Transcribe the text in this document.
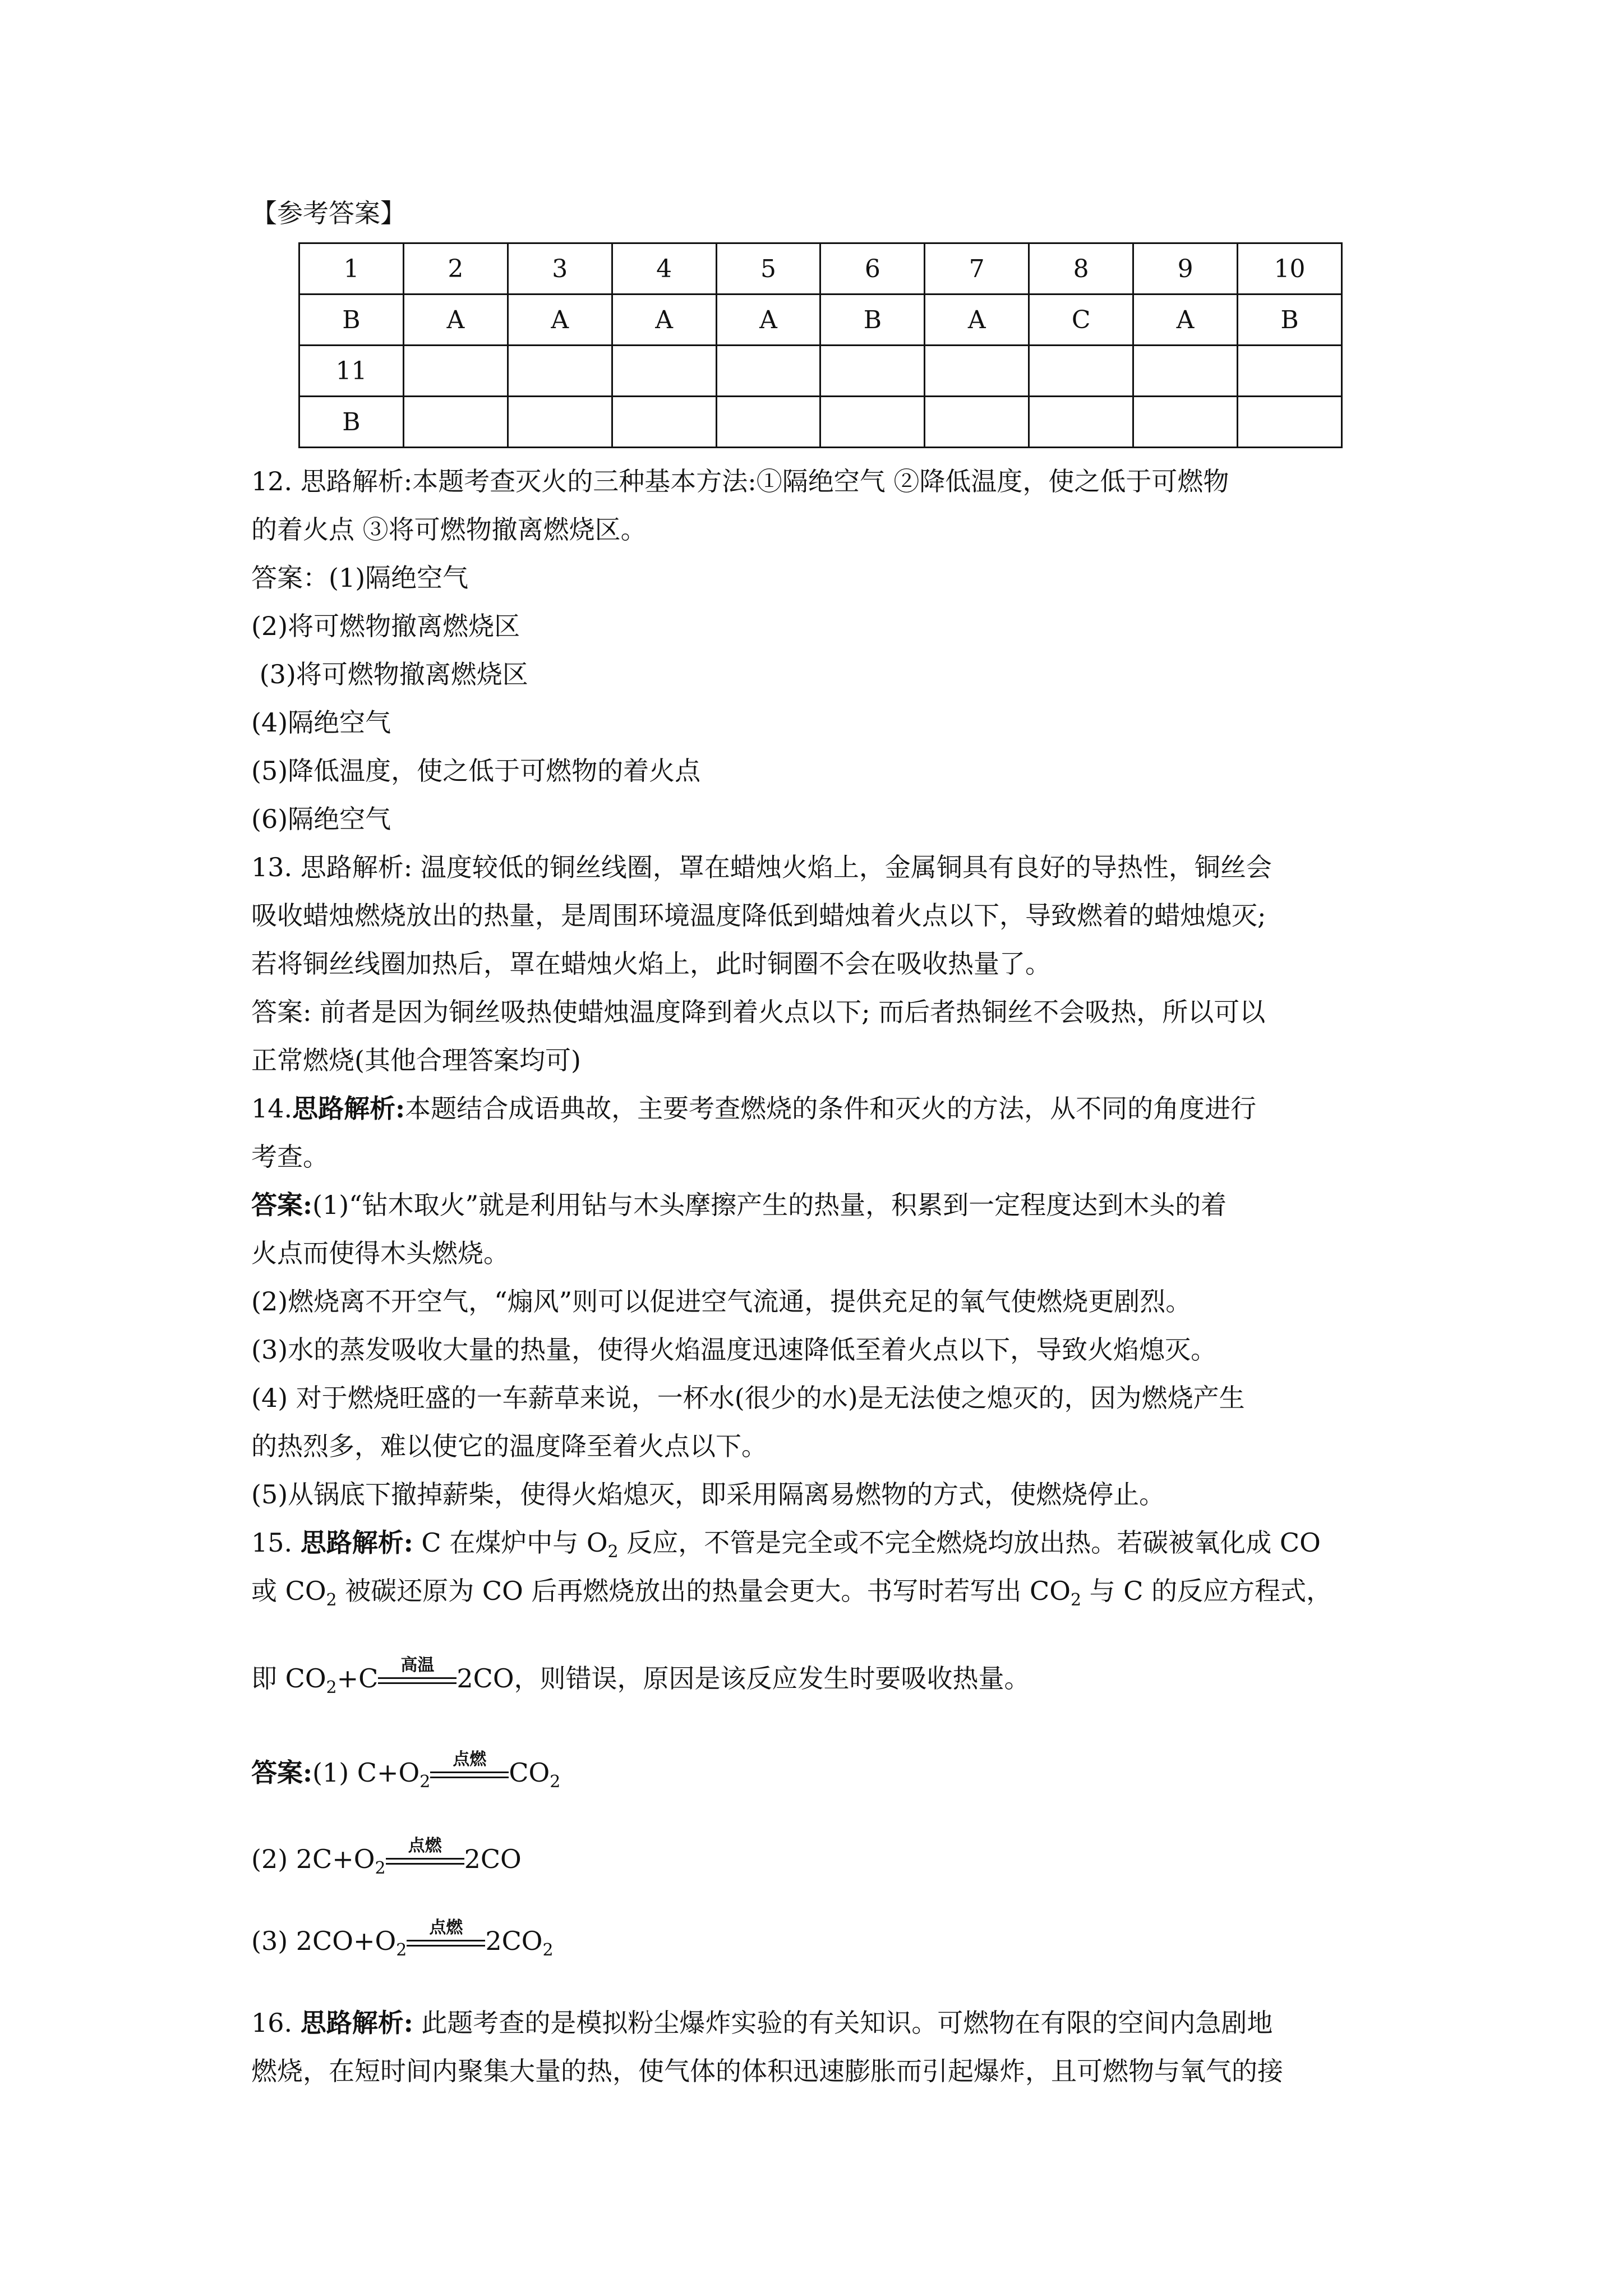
【参考答案】
1	2	3	4	5	6	7	8	9	10
B	A	A	A	A	B	A	C	A	B
11									
B									
12. 思路解析:本题考查灭火的三种基本方法:①隔绝空气 ②降低温度，使之低于可燃物
的着火点 ③将可燃物撤离燃烧区。
答案：(1)隔绝空气
(2)将可燃物撤离燃烧区
(3)将可燃物撤离燃烧区
(4)隔绝空气
(5)降低温度，使之低于可燃物的着火点
(6)隔绝空气
13. 思路解析: 温度较低的铜丝线圈，罩在蜡烛火焰上，金属铜具有良好的导热性，铜丝会
吸收蜡烛燃烧放出的热量，是周围环境温度降低到蜡烛着火点以下，导致燃着的蜡烛熄灭;
若将铜丝线圈加热后，罩在蜡烛火焰上，此时铜圈不会在吸收热量了。
答案: 前者是因为铜丝吸热使蜡烛温度降到着火点以下; 而后者热铜丝不会吸热，所以可以
正常燃烧(其他合理答案均可)
14.思路解析:本题结合成语典故，主要考查燃烧的条件和灭火的方法，从不同的角度进行
考查。
答案:(1)“钻木取火”就是利用钻与木头摩擦产生的热量，积累到一定程度达到木头的着
火点而使得木头燃烧。
(2)燃烧离不开空气，“煽风”则可以促进空气流通，提供充足的氧气使燃烧更剧烈。
(3)水的蒸发吸收大量的热量，使得火焰温度迅速降低至着火点以下，导致火焰熄灭。
(4) 对于燃烧旺盛的一车薪草来说，一杯水(很少的水)是无法使之熄灭的，因为燃烧产生
的热烈多，难以使它的温度降至着火点以下。
(5)从锅底下撤掉薪柴，使得火焰熄灭，即采用隔离易燃物的方式，使燃烧停止。
15. 思路解析: C 在煤炉中与 $O_2$ 反应，不管是完全或不完全燃烧均放出热。若碳被氧化成 CO
或 $CO_2$ 被碳还原为 CO 后再燃烧放出的热量会更大。书写时若写出 $CO_2$ 与 C 的反应方程式，
即 $CO_2+C$	高温 2CO，则错误，原因是该反应发生时要吸收热量。
答案:(1) $C+O_2$
点燃 $CO_2$
(2) $2C+O_2$
点燃 2CO
(3) $2CO+O_2$
点燃 $2CO_2$
16. 思路解析: 此题考查的是模拟粉尘爆炸实验的有关知识。可燃物在有限的空间内急剧地
燃烧，在短时间内聚集大量的热，使气体的体积迅速膨胀而引起爆炸，且可燃物与氧气的接
